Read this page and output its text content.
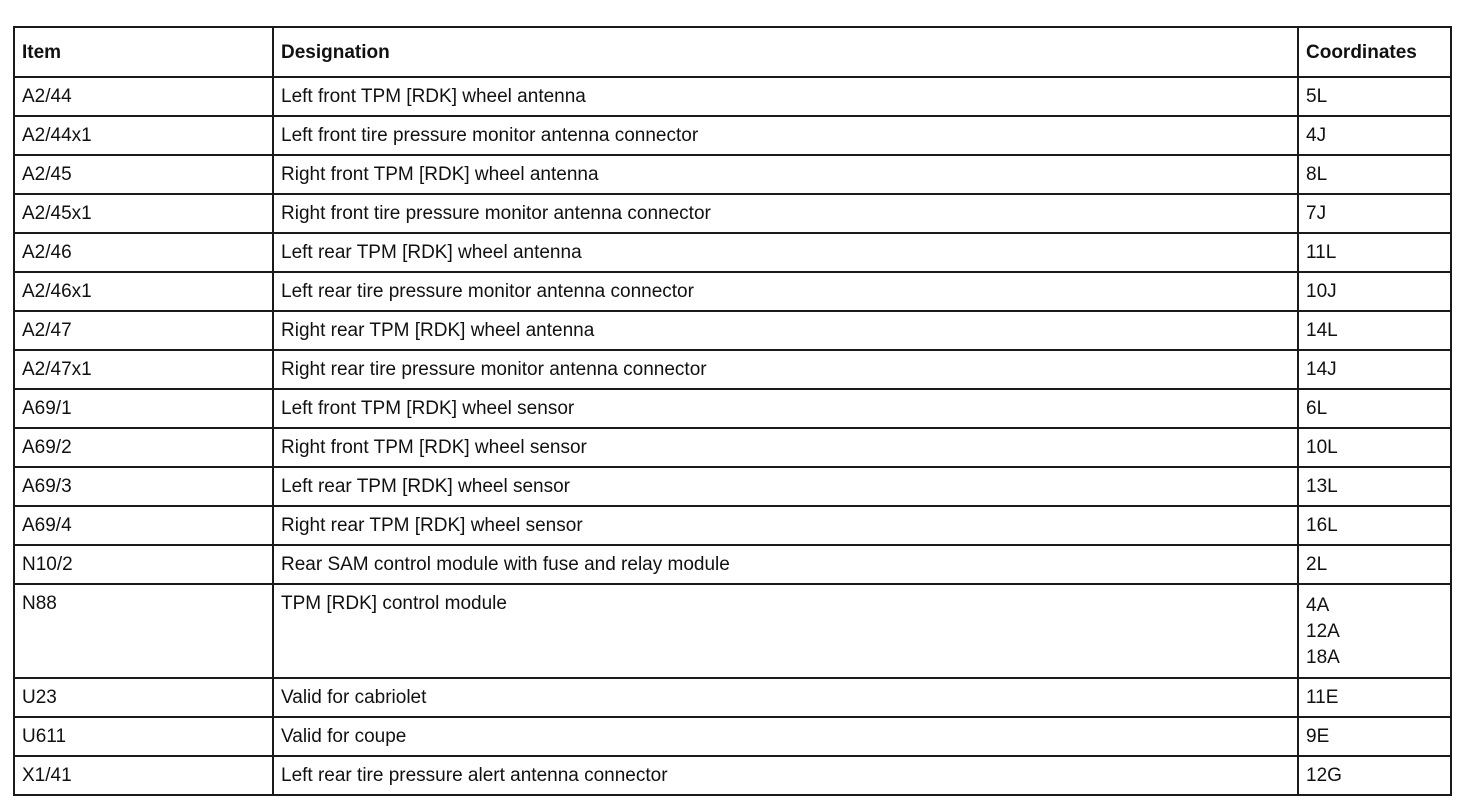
Item	Designation	Coordinates
A2/44	Left front TPM [RDK] wheel antenna	5L

A2/44x1	Left front tire pressure monitor antenna connector	4J

A2/45	Right front TPM [RDK] wheel antenna	8L

A2/45x1	Right front tire pressure monitor antenna connector	7J

A2/46	Left rear TPM [RDK] wheel antenna	11L

A2/46x1	Left rear tire pressure monitor antenna connector	10J

A2/47	Right rear TPM [RDK] wheel antenna	14L

A2/47x1	Right rear tire pressure monitor antenna connector	14J

A69/1	Left front TPM [RDK] wheel sensor	6L

A69/2	Right front TPM [RDK] wheel sensor	10L

A69/3	Left rear TPM [RDK] wheel sensor	13L

A69/4	Right rear TPM [RDK] wheel sensor	16L

N10/2	Rear SAM control module with fuse and relay module	2L

N88	TPM [RDK] control module	4A
12A
18A

U23	Valid for cabriolet	11E

U611	Valid for coupe	9E

X1/41	Left rear tire pressure alert antenna connector	12G
